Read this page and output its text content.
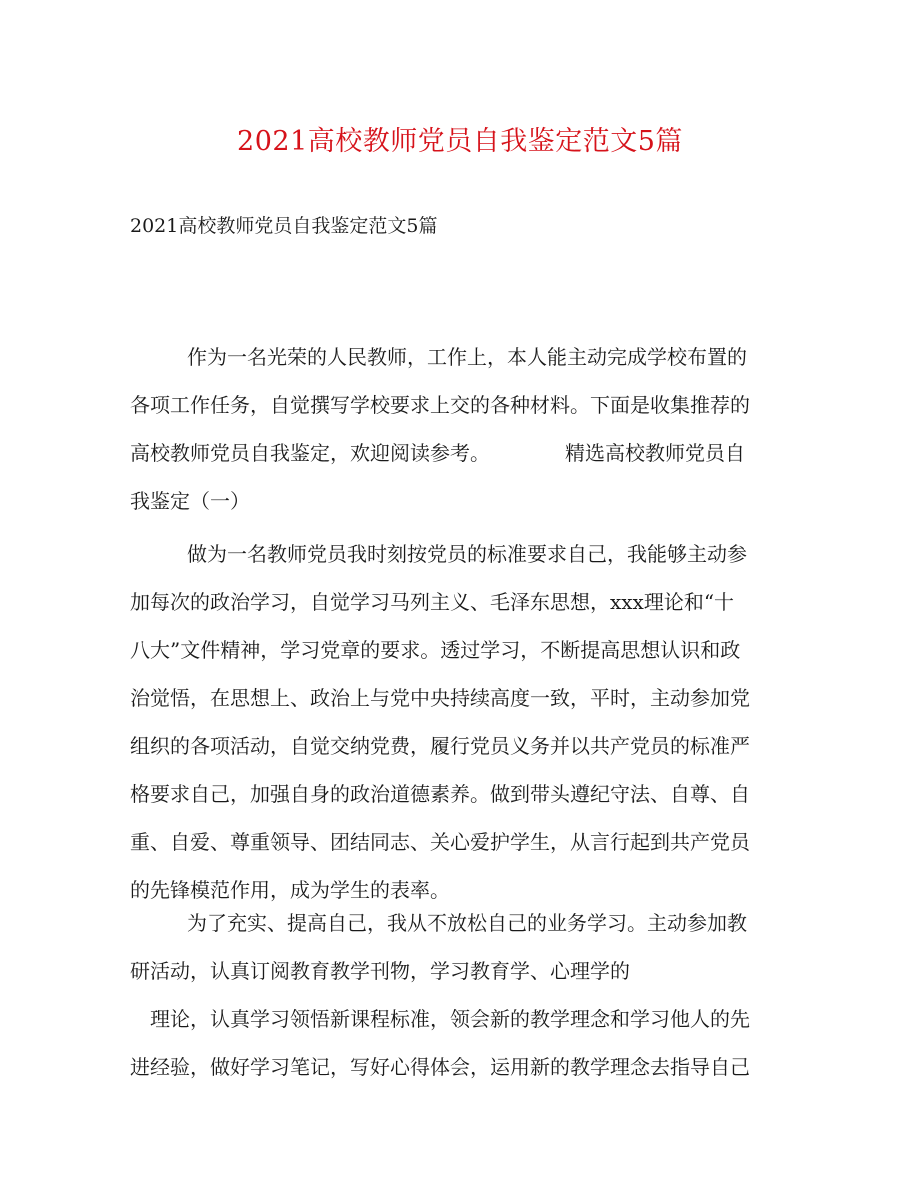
2021高校教师党员自我鉴定范文5篇
2021高校教师党员自我鉴定范文5篇
作为一名光荣的人民教师，工作上，本人能主动完成学校布置的
各项工作任务，自觉撰写学校要求上交的各种材料。下面是收集推荐的
高校教师党员自我鉴定，欢迎阅读参考。	精选高校教师党员自
我鉴定（一）
做为一名教师党员我时刻按党员的标准要求自己，我能够主动参
加每次的政治学习，自觉学习马列主义、毛泽东思想，xxx理论和“十
八大”文件精神，学习党章的要求。透过学习，不断提高思想认识和政
治觉悟，在思想上、政治上与党中央持续高度一致，平时，主动参加党
组织的各项活动，自觉交纳党费，履行党员义务并以共产党员的标准严
格要求自己，加强自身的政治道德素养。做到带头遵纪守法、自尊、自
重、自爱、尊重领导、团结同志、关心爱护学生，从言行起到共产党员
的先锋模范作用，成为学生的表率。
为了充实、提高自己，我从不放松自己的业务学习。主动参加教
研活动，认真订阅教育教学刊物，学习教育学、心理学的
理论，认真学习领悟新课程标准，领会新的教学理念和学习他人的先
进经验，做好学习笔记，写好心得体会，运用新的教学理念去指导自己
